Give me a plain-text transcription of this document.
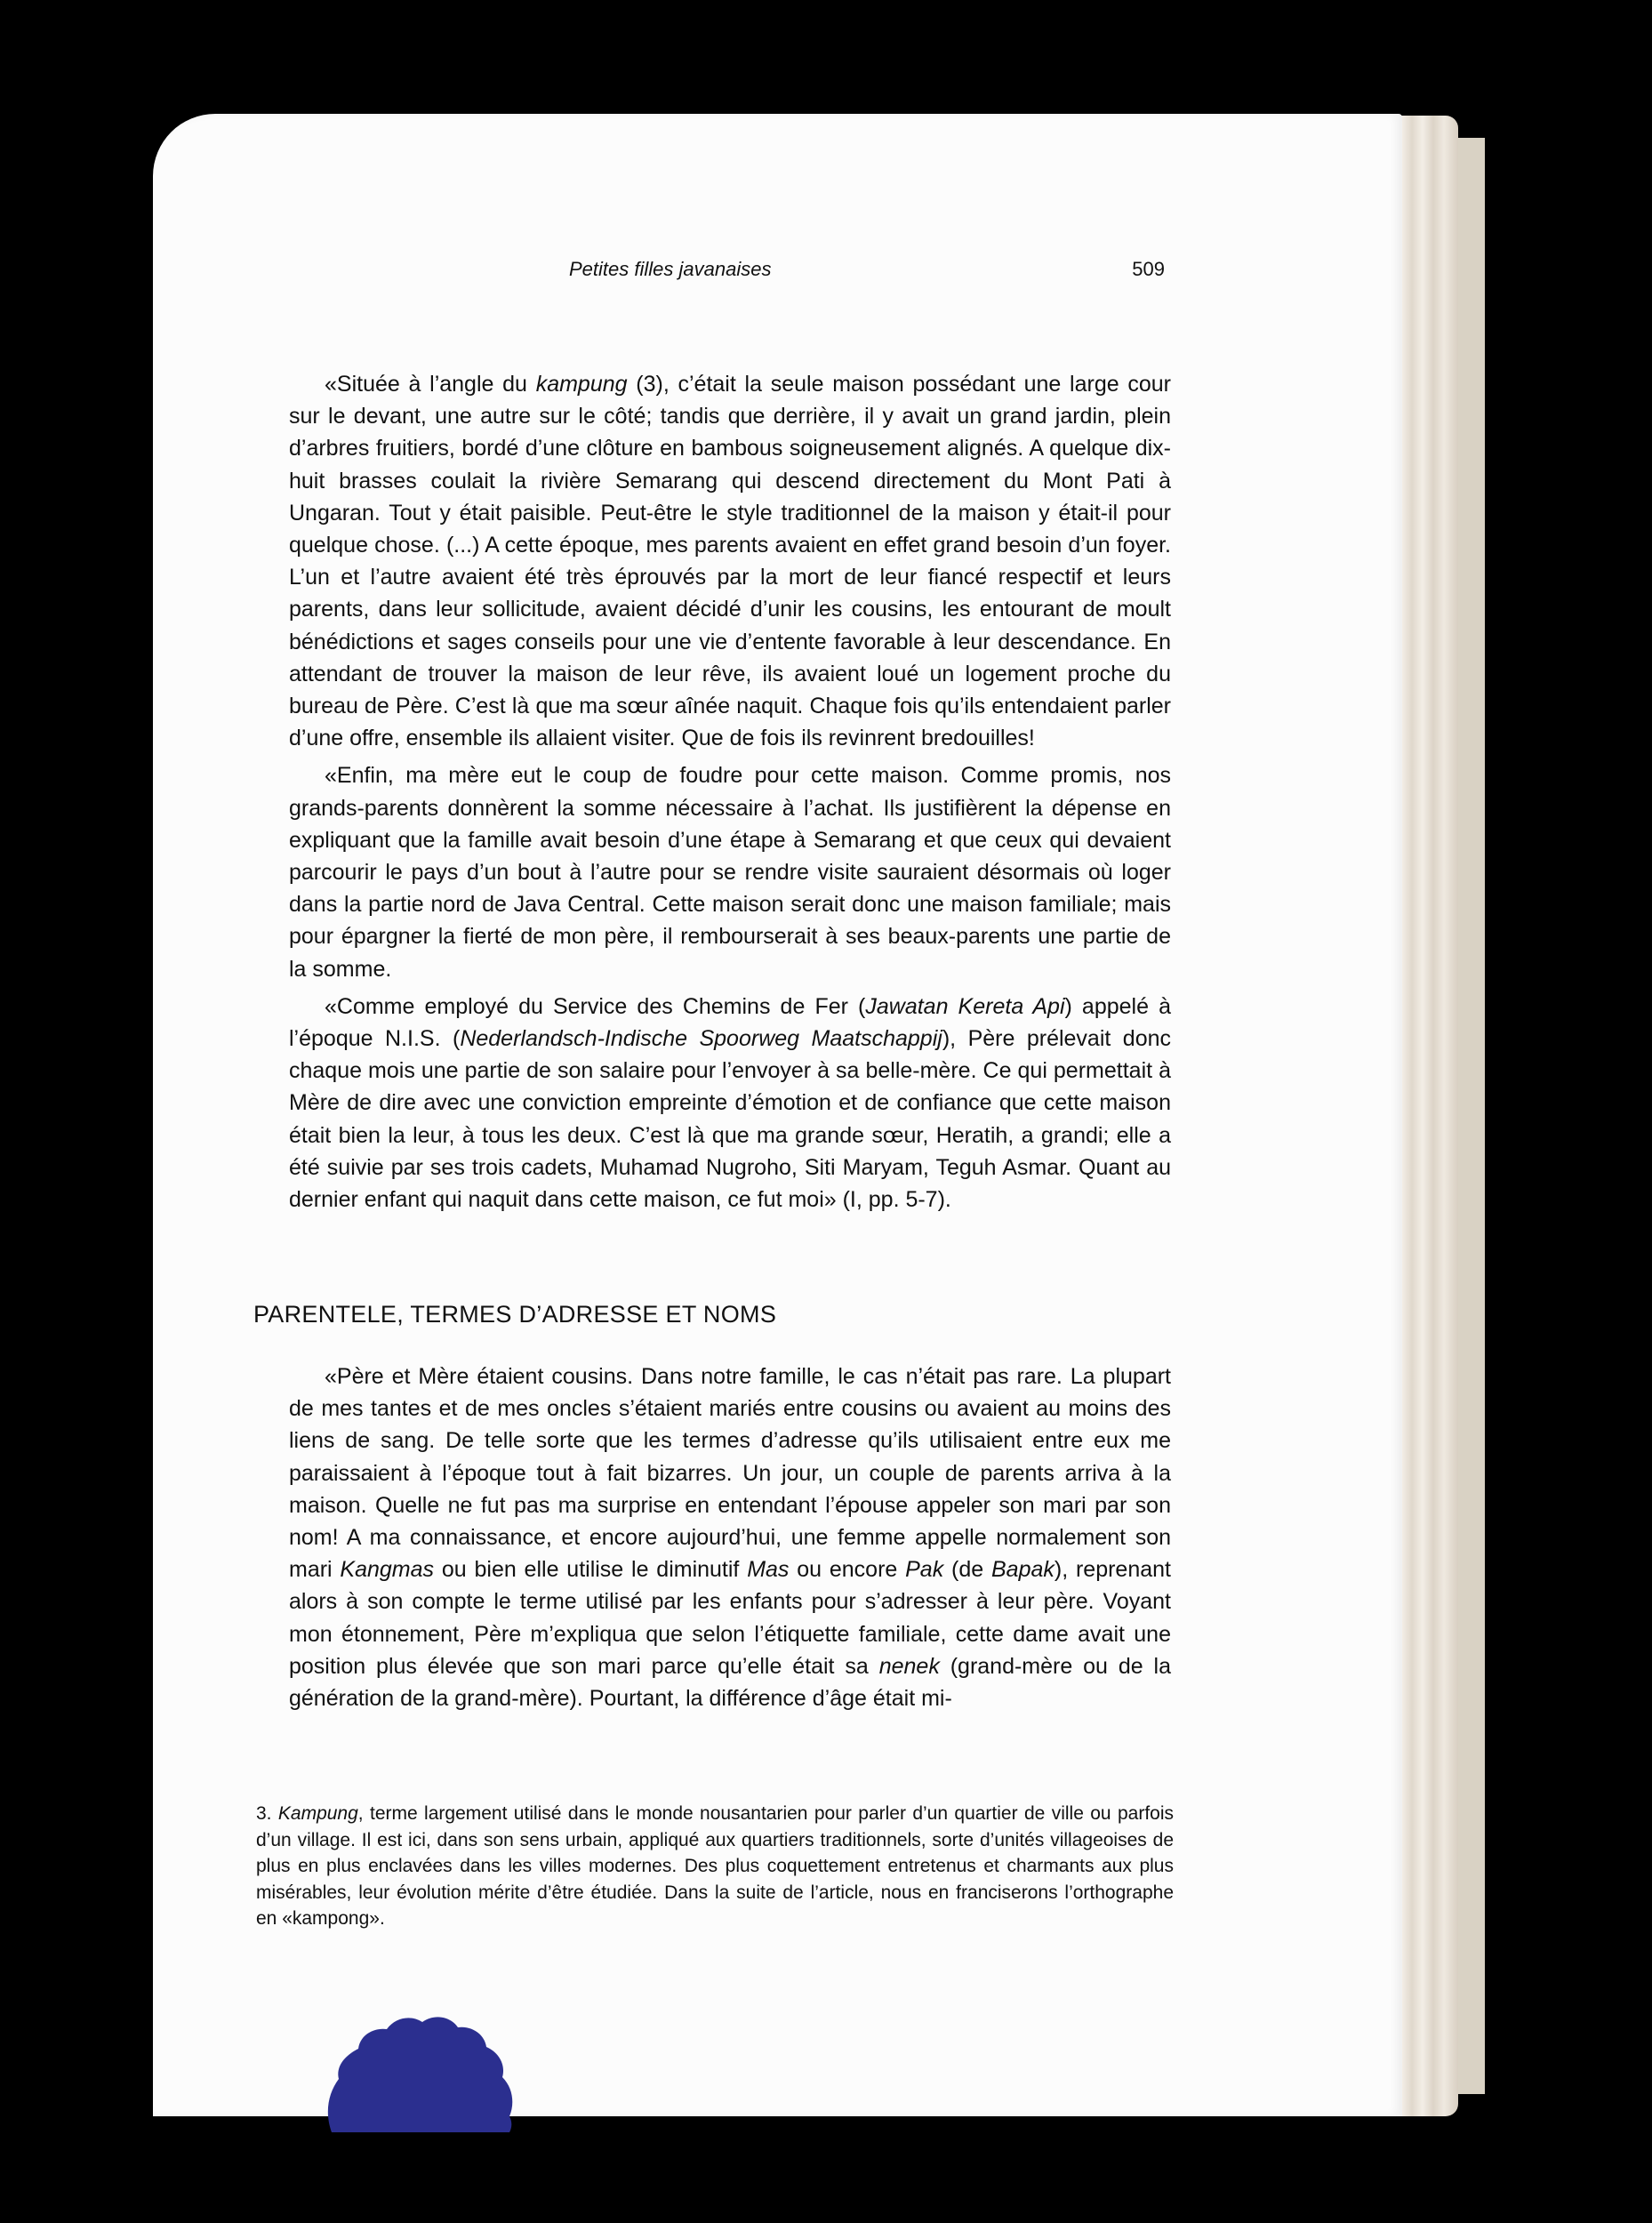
Petites filles javanaises	509

«Située à l’angle du kampung (3), c’était la seule maison possédant une large cour sur le devant, une autre sur le côté; tandis que derrière, il y avait un grand jardin, plein d’arbres fruitiers, bordé d’une clôture en bambous soigneusement alignés. A quelque dix-huit brasses coulait la rivière Semarang qui descend directement du Mont Pati à Ungaran. Tout y était paisible. Peut-être le style traditionnel de la maison y était-il pour quelque chose. (...) A cette époque, mes parents avaient en effet grand besoin d’un foyer. L’un et l’autre avaient été très éprouvés par la mort de leur fiancé respectif et leurs parents, dans leur sollicitude, avaient décidé d’unir les cousins, les entourant de moult bénédictions et sages conseils pour une vie d’entente favorable à leur descendance. En attendant de trouver la maison de leur rêve, ils avaient loué un logement proche du bureau de Père. C’est là que ma sœur aînée naquit. Chaque fois qu’ils entendaient parler d’une offre, ensemble ils allaient visiter. Que de fois ils revinrent bredouilles!

«Enfin, ma mère eut le coup de foudre pour cette maison. Comme promis, nos grands-parents donnèrent la somme nécessaire à l’achat. Ils justifièrent la dépense en expliquant que la famille avait besoin d’une étape à Semarang et que ceux qui devaient parcourir le pays d’un bout à l’autre pour se rendre visite sauraient désormais où loger dans la partie nord de Java Central. Cette maison serait donc une maison familiale; mais pour épargner la fierté de mon père, il rembourserait à ses beaux-parents une partie de la somme.

«Comme employé du Service des Chemins de Fer (Jawatan Kereta Api) appelé à l’époque N.I.S. (Nederlandsch-Indische Spoorweg Maatschappij), Père prélevait donc chaque mois une partie de son salaire pour l’envoyer à sa belle-mère. Ce qui permettait à Mère de dire avec une conviction empreinte d’émotion et de confiance que cette maison était bien la leur, à tous les deux. C’est là que ma grande sœur, Heratih, a grandi; elle a été suivie par ses trois cadets, Muhamad Nugroho, Siti Maryam, Teguh Asmar. Quant au dernier enfant qui naquit dans cette maison, ce fut moi» (I, pp. 5-7).

PARENTELE, TERMES D’ADRESSE ET NOMS

«Père et Mère étaient cousins. Dans notre famille, le cas n’était pas rare. La plupart de mes tantes et de mes oncles s’étaient mariés entre cousins ou avaient au moins des liens de sang. De telle sorte que les termes d’adresse qu’ils utilisaient entre eux me paraissaient à l’époque tout à fait bizarres. Un jour, un couple de parents arriva à la maison. Quelle ne fut pas ma surprise en entendant l’épouse appeler son mari par son nom! A ma connaissance, et encore aujourd’hui, une femme appelle normalement son mari Kangmas ou bien elle utilise le diminutif Mas ou encore Pak (de Bapak), reprenant alors à son compte le terme utilisé par les enfants pour s’adresser à leur père. Voyant mon étonnement, Père m’expliqua que selon l’étiquette familiale, cette dame avait une position plus élevée que son mari parce qu’elle était sa nenek (grand-mère ou de la génération de la grand-mère). Pourtant, la différence d’âge était mi-

3. Kampung, terme largement utilisé dans le monde nousantarien pour parler d’un quartier de ville ou parfois d’un village. Il est ici, dans son sens urbain, appliqué aux quartiers traditionnels, sorte d’unités villageoises de plus en plus enclavées dans les villes modernes. Des plus coquettement entretenus et charmants aux plus misérables, leur évolution mérite d’être étudiée. Dans la suite de l’article, nous en franciserons l’orthographe en «kampong».
